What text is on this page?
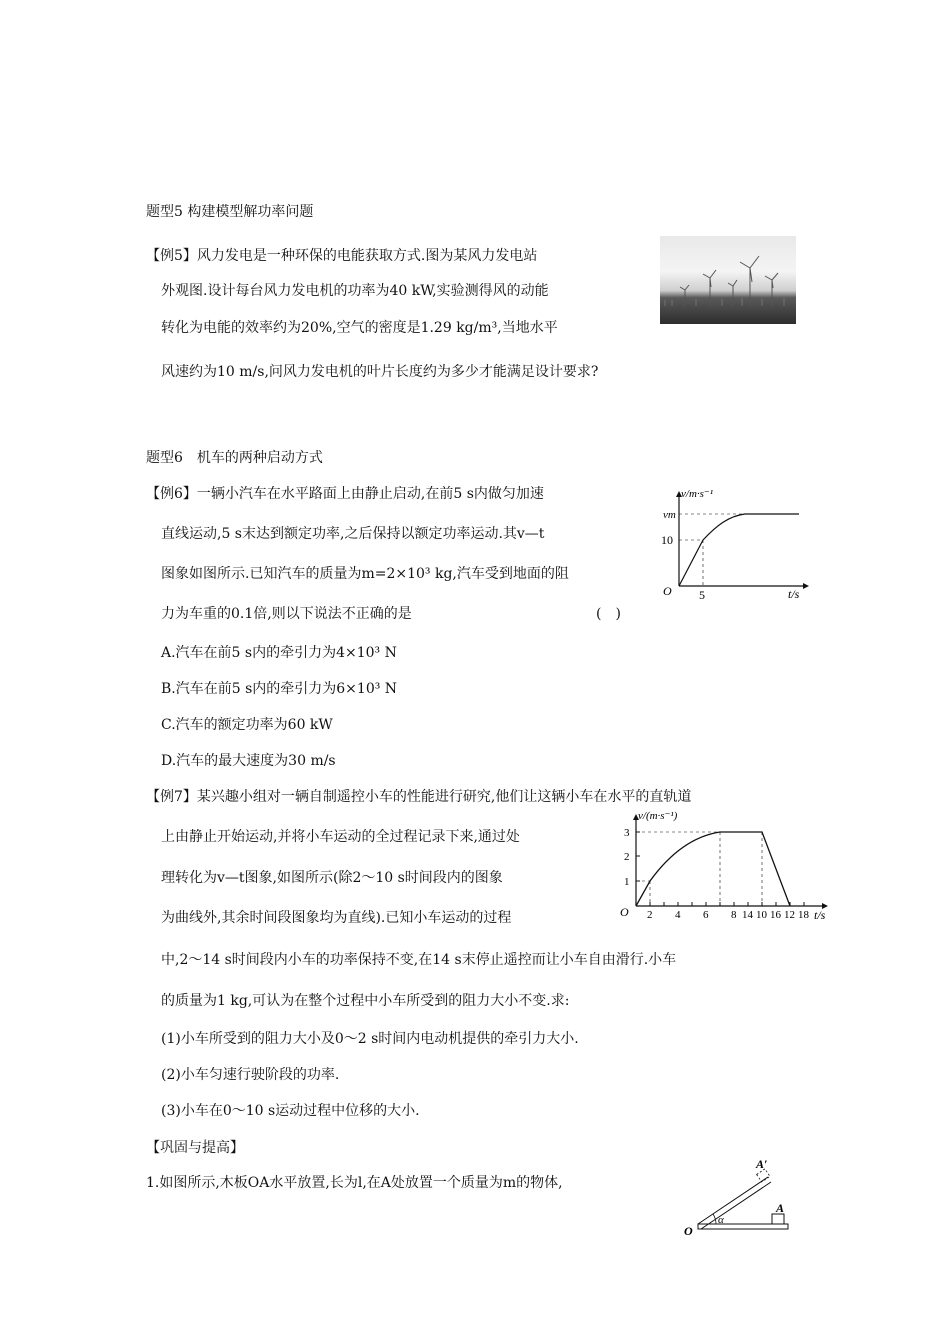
题型5 构建模型解功率问题
【例5】风力发电是一种环保的电能获取方式.图为某风力发电站
外观图.设计每台风力发电机的功率为40 kW,实验测得风的动能
转化为电能的效率约为20%,空气的密度是1.29 kg/m³,当地水平
风速约为10 m/s,问风力发电机的叶片长度约为多少才能满足设计要求?
题型6　机车的两种启动方式
【例6】一辆小汽车在水平路面上由静止启动,在前5 s内做匀加速
直线运动,5 s末达到额定功率,之后保持以额定功率运动.其v—t
图象如图所示.已知汽车的质量为m=2×10³ kg,汽车受到地面的阻
力为车重的0.1倍,则以下说法不正确的是	(　)
A.汽车在前5 s内的牵引力为4×10³ N
B.汽车在前5 s内的牵引力为6×10³ N
C.汽车的额定功率为60 kW
D.汽车的最大速度为30 m/s
v/m·s⁻¹
t/s
O
vm
10
5
【例7】某兴趣小组对一辆自制遥控小车的性能进行研究,他们让这辆小车在水平的直轨道
上由静止开始运动,并将小车运动的全过程记录下来,通过处
理转化为v—t图象,如图所示(除2～10 s时间段内的图象
为曲线外,其余时间段图象均为直线).已知小车运动的过程
中,2～14 s时间段内小车的功率保持不变,在14 s末停止遥控而让小车自由滑行.小车
的质量为1 kg,可认为在整个过程中小车所受到的阻力大小不变.求:
(1)小车所受到的阻力大小及0～2 s时间内电动机提供的牵引力大小.
(2)小车匀速行驶阶段的功率.
(3)小车在0～10 s运动过程中位移的大小.
v/(m·s⁻¹)
t/s
O
1
2
3
2 4 6 8 10 12 18
16
14
【巩固与提高】
1.如图所示,木板OA水平放置,长为l,在A处放置一个质量为m的物体,
O
A
A′
α
